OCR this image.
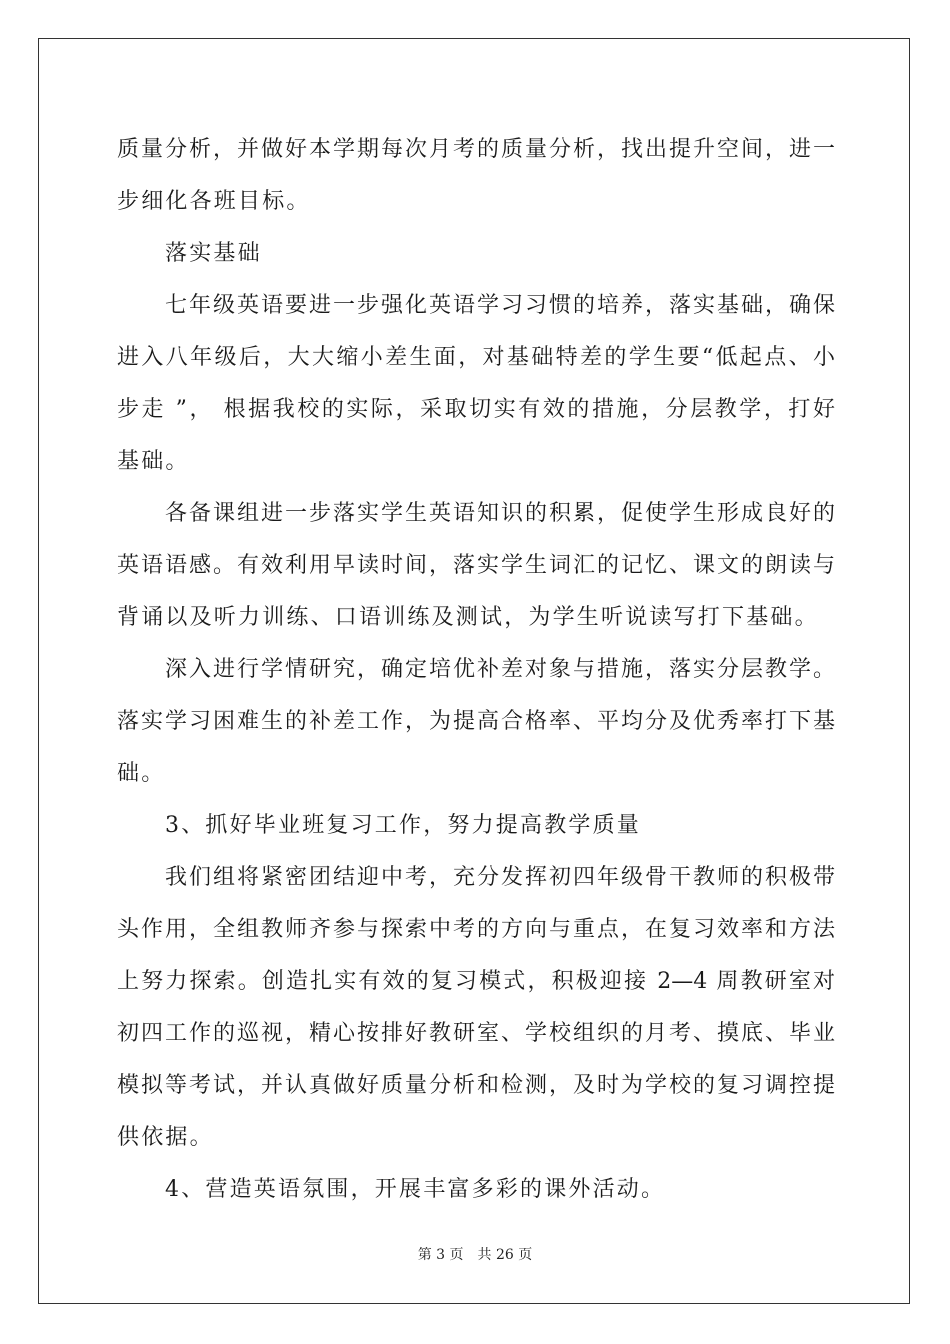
质量分析，并做好本学期每次月考的质量分析，找出提升空间，进一
步细化各班目标。
落实基础
七年级英语要进一步强化英语学习习惯的培养，落实基础，确保
进入八年级后，大大缩小差生面，对基础特差的学生要“低起点、小
步走 ”， 根据我校的实际，采取切实有效的措施，分层教学，打好
基础。
各备课组进一步落实学生英语知识的积累，促使学生形成良好的
英语语感。有效利用早读时间，落实学生词汇的记忆、课文的朗读与
背诵以及听力训练、口语训练及测试，为学生听说读写打下基础。
深入进行学情研究，确定培优补差对象与措施，落实分层教学。
落实学习困难生的补差工作，为提高合格率、平均分及优秀率打下基
础。
3、抓好毕业班复习工作，努力提高教学质量
我们组将紧密团结迎中考，充分发挥初四年级骨干教师的积极带
头作用，全组教师齐参与探索中考的方向与重点，在复习效率和方法
上努力探索。创造扎实有效的复习模式，积极迎接 2—4 周教研室对
初四工作的巡视，精心按排好教研室、学校组织的月考、摸底、毕业
模拟等考试，并认真做好质量分析和检测，及时为学校的复习调控提
供依据。
4、营造英语氛围，开展丰富多彩的课外活动。
第 3 页　共 26 页
